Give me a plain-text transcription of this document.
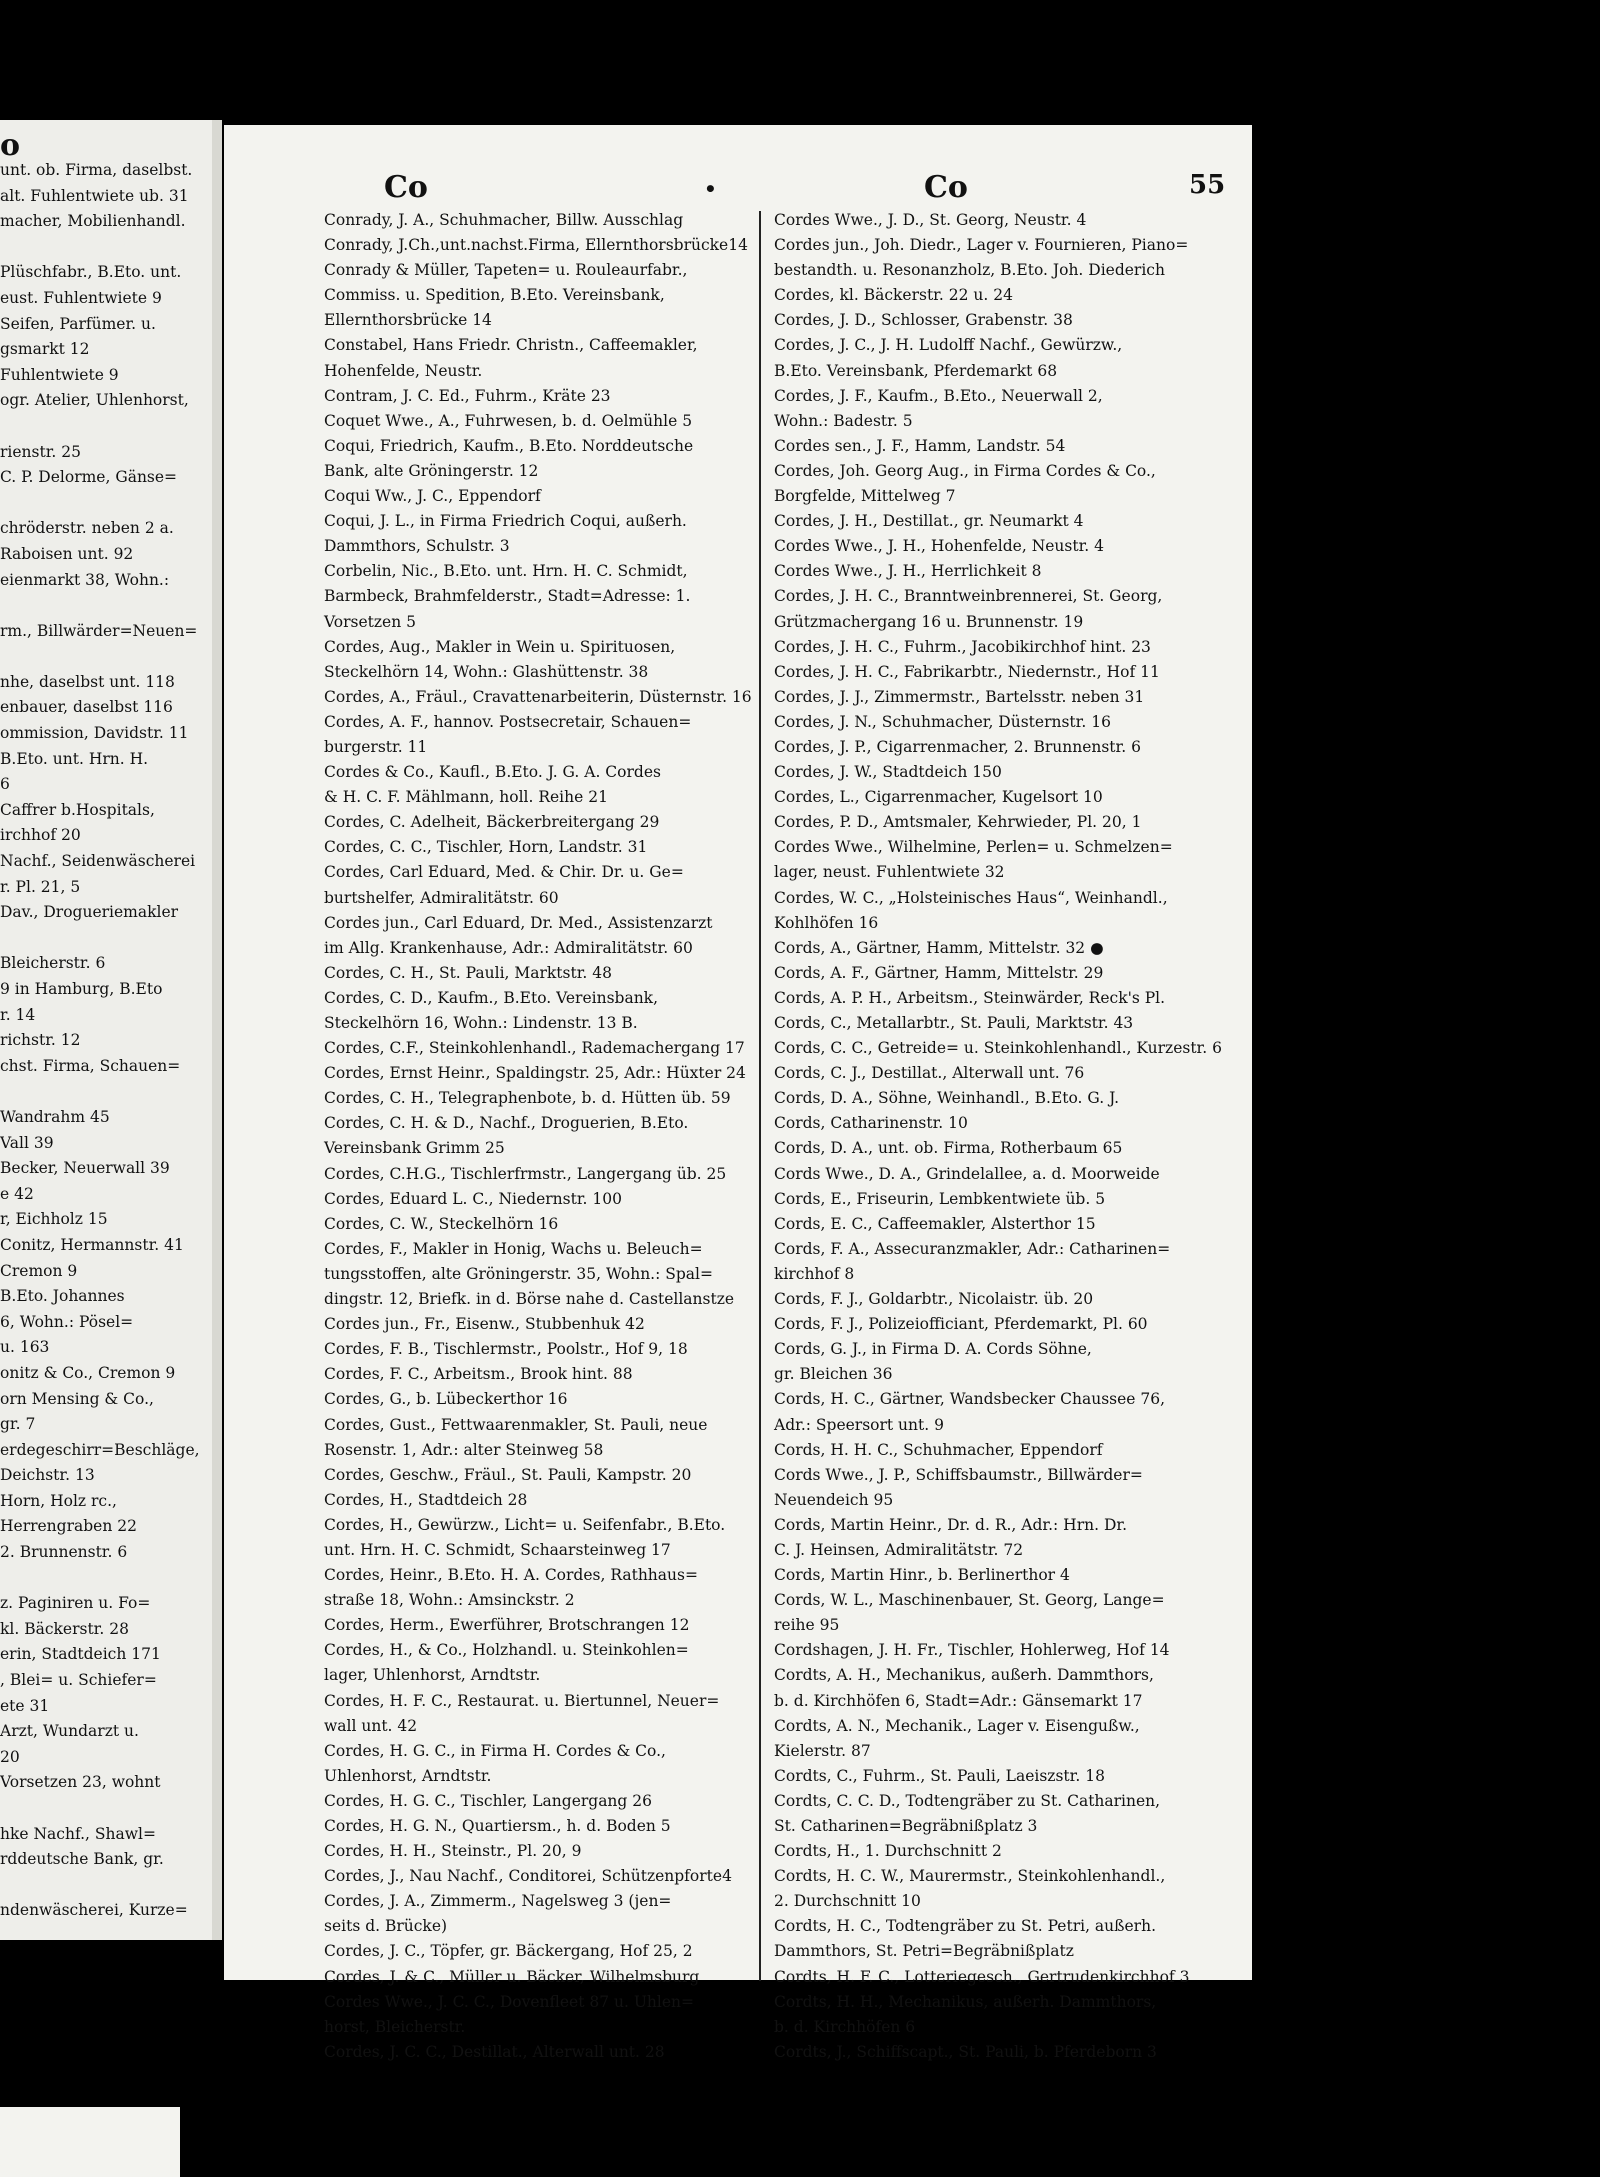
o
unt. ob. Firma, daselbst.
alt. Fuhlentwiete ub. 31
macher, Mobilienhandl.
Plüschfabr., B.Eto. unt.
eust. Fuhlentwiete 9
Seifen, Parfümer. u.
gsmarkt 12
Fuhlentwiete 9
ogr. Atelier, Uhlenhorst,
rienstr. 25
C. P. Delorme, Gänse=
chröderstr. neben 2 a.
Raboisen unt. 92
eienmarkt 38, Wohn.:
rm., Billwärder=Neuen=
nhe, daselbst unt. 118
enbauer, daselbst 116
ommission, Davidstr. 11
B.Eto. unt. Hrn. H.
6
Caffrer b.Hospitals,
irchhof 20
Nachf., Seidenwäscherei
r. Pl. 21, 5
Dav., Drogueriemakler
Bleicherstr. 6
9 in Hamburg, B.Eto
r. 14
richstr. 12
chst. Firma, Schauen=
Wandrahm 45
Vall 39
Becker, Neuerwall 39
e 42
r, Eichholz 15
Conitz, Hermannstr. 41
Cremon 9
B.Eto. Johannes
6, Wohn.: Pösel=
u. 163
onitz & Co., Cremon 9
orn Mensing & Co.,
gr. 7
erdegeschirr=Beschläge,
Deichstr. 13
Horn, Holz rc.,
Herrengraben 22
2. Brunnenstr. 6
z. Paginiren u. Fo=
kl. Bäckerstr. 28
erin, Stadtdeich 171
, Blei= u. Schiefer=
ete 31
Arzt, Wundarzt u.
20
Vorsetzen 23, wohnt
hke Nachf., Shawl=
rddeutsche Bank, gr.
ndenwäscherei, Kurze=
Co	•	Co	55
Conrady, J. A., Schuhmacher, Billw. Ausschlag
Conrady, J.Ch.,unt.nachst.Firma, Ellernthorsbrücke14
Conrady & Müller, Tapeten= u. Rouleaurfabr.,
Commiss. u. Spedition, B.Eto. Vereinsbank,
Ellernthorsbrücke 14
Constabel, Hans Friedr. Christn., Caffeemakler,
Hohenfelde, Neustr.
Contram, J. C. Ed., Fuhrm., Kräte 23
Coquet Wwe., A., Fuhrwesen, b. d. Oelmühle 5
Coqui, Friedrich, Kaufm., B.Eto. Norddeutsche
Bank, alte Gröningerstr. 12
Coqui Ww., J. C., Eppendorf
Coqui, J. L., in Firma Friedrich Coqui, außerh.
Dammthors, Schulstr. 3
Corbelin, Nic., B.Eto. unt. Hrn. H. C. Schmidt,
Barmbeck, Brahmfelderstr., Stadt=Adresse: 1.
Vorsetzen 5
Cordes, Aug., Makler in Wein u. Spirituosen,
Steckelhörn 14, Wohn.: Glashüttenstr. 38
Cordes, A., Fräul., Cravattenarbeiterin, Düsternstr. 16
Cordes, A. F., hannov. Postsecretair, Schauen=
burgerstr. 11
Cordes & Co., Kaufl., B.Eto. J. G. A. Cordes
& H. C. F. Mählmann, holl. Reihe 21
Cordes, C. Adelheit, Bäckerbreitergang 29
Cordes, C. C., Tischler, Horn, Landstr. 31
Cordes, Carl Eduard, Med. & Chir. Dr. u. Ge=
burtshelfer, Admiralitätstr. 60
Cordes jun., Carl Eduard, Dr. Med., Assistenzarzt
im Allg. Krankenhause, Adr.: Admiralitätstr. 60
Cordes, C. H., St. Pauli, Marktstr. 48
Cordes, C. D., Kaufm., B.Eto. Vereinsbank,
Steckelhörn 16, Wohn.: Lindenstr. 13 B.
Cordes, C.F., Steinkohlenhandl., Rademachergang 17
Cordes, Ernst Heinr., Spaldingstr. 25, Adr.: Hüxter 24
Cordes, C. H., Telegraphenbote, b. d. Hütten üb. 59
Cordes, C. H. & D., Nachf., Droguerien, B.Eto.
Vereinsbank Grimm 25
Cordes, C.H.G., Tischlerfrmstr., Langergang üb. 25
Cordes, Eduard L. C., Niedernstr. 100
Cordes, C. W., Steckelhörn 16
Cordes, F., Makler in Honig, Wachs u. Beleuch=
tungsstoffen, alte Gröningerstr. 35, Wohn.: Spal=
dingstr. 12, Briefk. in d. Börse nahe d. Castellanstze
Cordes jun., Fr., Eisenw., Stubbenhuk 42
Cordes, F. B., Tischlermstr., Poolstr., Hof 9, 18
Cordes, F. C., Arbeitsm., Brook hint. 88
Cordes, G., b. Lübeckerthor 16
Cordes, Gust., Fettwaarenmakler, St. Pauli, neue
Rosenstr. 1, Adr.: alter Steinweg 58
Cordes, Geschw., Fräul., St. Pauli, Kampstr. 20
Cordes, H., Stadtdeich 28
Cordes, H., Gewürzw., Licht= u. Seifenfabr., B.Eto.
unt. Hrn. H. C. Schmidt, Schaarsteinweg 17
Cordes, Heinr., B.Eto. H. A. Cordes, Rathhaus=
straße 18, Wohn.: Amsinckstr. 2
Cordes, Herm., Ewerführer, Brotschrangen 12
Cordes, H., & Co., Holzhandl. u. Steinkohlen=
lager, Uhlenhorst, Arndtstr.
Cordes, H. F. C., Restaurat. u. Biertunnel, Neuer=
wall unt. 42
Cordes, H. G. C., in Firma H. Cordes & Co.,
Uhlenhorst, Arndtstr.
Cordes, H. G. C., Tischler, Langergang 26
Cordes, H. G. N., Quartiersm., h. d. Boden 5
Cordes, H. H., Steinstr., Pl. 20, 9
Cordes, J., Nau Nachf., Conditorei, Schützenpforte4
Cordes, J. A., Zimmerm., Nagelsweg 3 (jen=
seits d. Brücke)
Cordes, J. C., Töpfer, gr. Bäckergang, Hof 25, 2
Cordes, J. & C., Müller u. Bäcker, Wilhelmsburg
Cordes Wwe., J. C. C., Dovenfleet 87 u. Uhlen=
horst, Bleicherstr.
Cordes, J. C. C., Destillat., Alterwall unt. 28
Cordes Wwe., J. D., St. Georg, Neustr. 4
Cordes jun., Joh. Diedr., Lager v. Fournieren, Piano=
bestandth. u. Resonanzholz, B.Eto. Joh. Diederich
Cordes, kl. Bäckerstr. 22 u. 24
Cordes, J. D., Schlosser, Grabenstr. 38
Cordes, J. C., J. H. Ludolff Nachf., Gewürzw.,
B.Eto. Vereinsbank, Pferdemarkt 68
Cordes, J. F., Kaufm., B.Eto., Neuerwall 2,
Wohn.: Badestr. 5
Cordes sen., J. F., Hamm, Landstr. 54
Cordes, Joh. Georg Aug., in Firma Cordes & Co.,
Borgfelde, Mittelweg 7
Cordes, J. H., Destillat., gr. Neumarkt 4
Cordes Wwe., J. H., Hohenfelde, Neustr. 4
Cordes Wwe., J. H., Herrlichkeit 8
Cordes, J. H. C., Branntweinbrennerei, St. Georg,
Grützmachergang 16 u. Brunnenstr. 19
Cordes, J. H. C., Fuhrm., Jacobikirchhof hint. 23
Cordes, J. H. C., Fabrikarbtr., Niedernstr., Hof 11
Cordes, J. J., Zimmermstr., Bartelsstr. neben 31
Cordes, J. N., Schuhmacher, Düsternstr. 16
Cordes, J. P., Cigarrenmacher, 2. Brunnenstr. 6
Cordes, J. W., Stadtdeich 150
Cordes, L., Cigarrenmacher, Kugelsort 10
Cordes, P. D., Amtsmaler, Kehrwieder, Pl. 20, 1
Cordes Wwe., Wilhelmine, Perlen= u. Schmelzen=
lager, neust. Fuhlentwiete 32
Cordes, W. C., „Holsteinisches Haus“, Weinhandl.,
Kohlhöfen 16
Cords, A., Gärtner, Hamm, Mittelstr. 32 ●
Cords, A. F., Gärtner, Hamm, Mittelstr. 29
Cords, A. P. H., Arbeitsm., Steinwärder, Reck's Pl.
Cords, C., Metallarbtr., St. Pauli, Marktstr. 43
Cords, C. C., Getreide= u. Steinkohlenhandl., Kurzestr. 6
Cords, C. J., Destillat., Alterwall unt. 76
Cords, D. A., Söhne, Weinhandl., B.Eto. G. J.
Cords, Catharinenstr. 10
Cords, D. A., unt. ob. Firma, Rotherbaum 65
Cords Wwe., D. A., Grindelallee, a. d. Moorweide
Cords, E., Friseurin, Lembkentwiete üb. 5
Cords, E. C., Caffeemakler, Alsterthor 15
Cords, F. A., Assecuranzmakler, Adr.: Catharinen=
kirchhof 8
Cords, F. J., Goldarbtr., Nicolaistr. üb. 20
Cords, F. J., Polizeiofficiant, Pferdemarkt, Pl. 60
Cords, G. J., in Firma D. A. Cords Söhne,
gr. Bleichen 36
Cords, H. C., Gärtner, Wandsbecker Chaussee 76,
Adr.: Speersort unt. 9
Cords, H. H. C., Schuhmacher, Eppendorf
Cords Wwe., J. P., Schiffsbaumstr., Billwärder=
Neuendeich 95
Cords, Martin Heinr., Dr. d. R., Adr.: Hrn. Dr.
C. J. Heinsen, Admiralitätstr. 72
Cords, Martin Hinr., b. Berlinerthor 4
Cords, W. L., Maschinenbauer, St. Georg, Lange=
reihe 95
Cordshagen, J. H. Fr., Tischler, Hohlerweg, Hof 14
Cordts, A. H., Mechanikus, außerh. Dammthors,
b. d. Kirchhöfen 6, Stadt=Adr.: Gänsemarkt 17
Cordts, A. N., Mechanik., Lager v. Eisengußw.,
Kielerstr. 87
Cordts, C., Fuhrm., St. Pauli, Laeiszstr. 18
Cordts, C. C. D., Todtengräber zu St. Catharinen,
St. Catharinen=Begräbnißplatz 3
Cordts, H., 1. Durchschnitt 2
Cordts, H. C. W., Maurermstr., Steinkohlenhandl.,
2. Durchschnitt 10
Cordts, H. C., Todtengräber zu St. Petri, außerh.
Dammthors, St. Petri=Begräbnißplatz
Cordts, H. F. C., Lotteriegesch., Gertrudenkirchhof 3
Cordts, H. H., Mechanikus, außerh. Dammthors,
b. d. Kirchhöfen 6
Cordts, J., Schiffscapt., St. Pauli, b. Pferdeborn 3
